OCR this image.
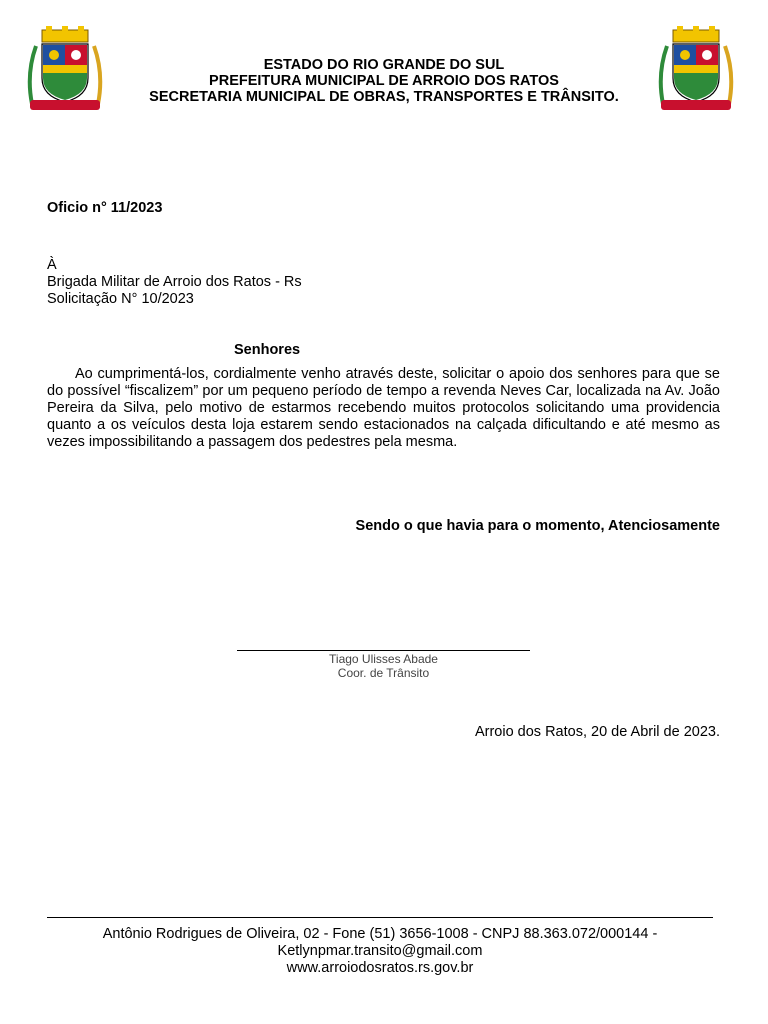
ESTADO DO RIO GRANDE DO SUL
PREFEITURA MUNICIPAL DE ARROIO DOS RATOS
SECRETARIA MUNICIPAL DE OBRAS, TRANSPORTES E TRÂNSITO.
Oficio n° 11/2023
À
Brigada Militar de Arroio dos Ratos - Rs
Solicitação N° 10/2023
Senhores
Ao cumprimentá-los, cordialmente venho através deste, solicitar o apoio dos senhores para que se do possível “fiscalizem” por um pequeno período de tempo a revenda Neves Car, localizada na Av. João Pereira da Silva, pelo motivo de estarmos recebendo muitos protocolos solicitando uma providencia quanto a os veículos desta loja estarem sendo estacionados na calçada dificultando e até mesmo as vezes impossibilitando a passagem dos pedestres pela mesma.
Sendo o que havia para o momento, Atenciosamente
Tiago Ulisses Abade
Coor. de Trânsito
Arroio dos Ratos, 20 de Abril de 2023.
Antônio Rodrigues de Oliveira, 02 - Fone (51) 3656-1008 - CNPJ 88.363.072/000144 -
Ketlynpmar.transito@gmail.com
www.arroiodosratos.rs.gov.br
